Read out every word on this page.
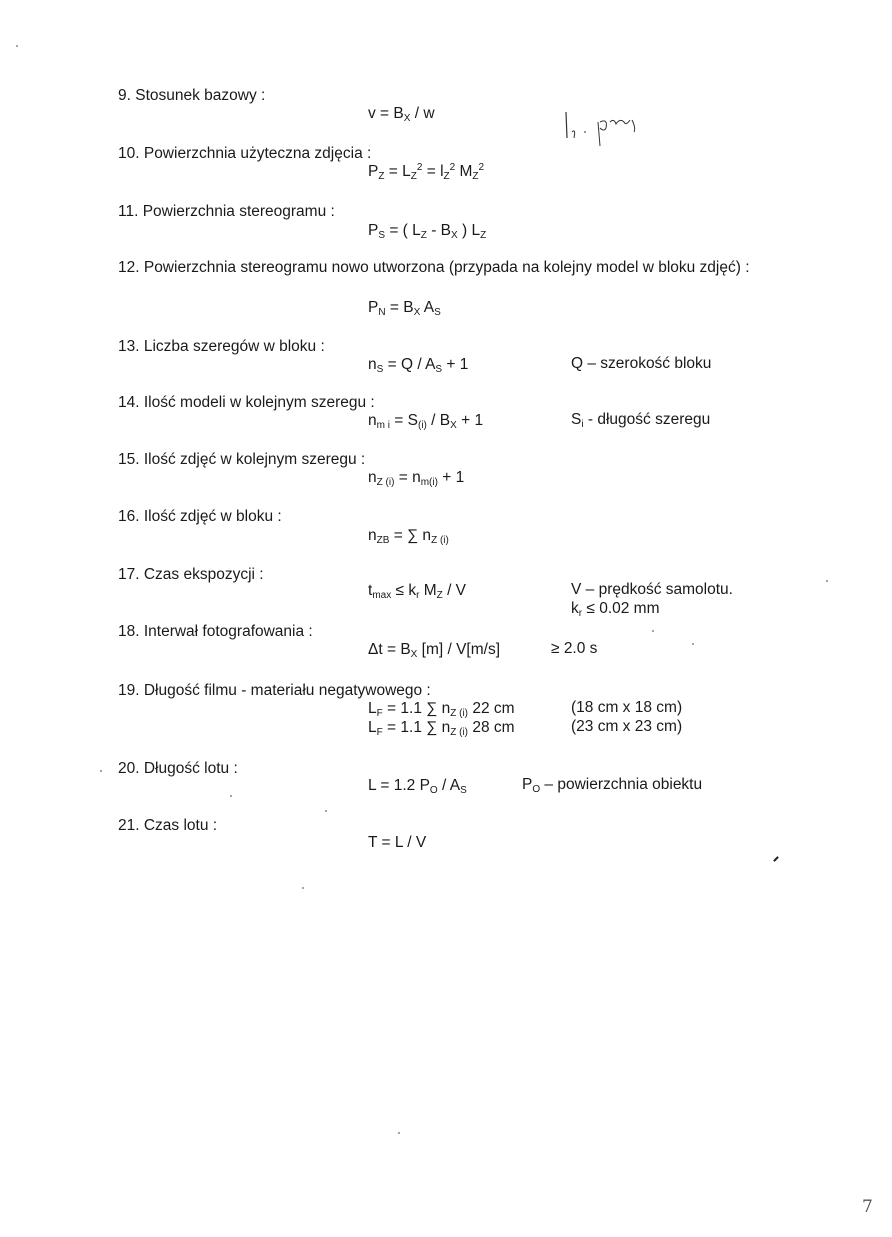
9. Stosunek bazowy :
$v = B_X / w$
10. Powierzchnia użyteczna zdjęcia :
$P_Z = L_Z^2 = l_Z^2$ $M_Z^2$
11. Powierzchnia stereogramu :
$P_S$ = ( $L_Z - B_X$ ) $L_Z$
12. Powierzchnia stereogramu nowo utworzona (przypada na kolejny model w bloku zdjęć) :
$P_N = B_X$ $A_S$
13. Liczba szeregów w bloku :
$n_S = Q / A_S + 1$	Q – szerokość bloku
14. Ilość modeli w kolejnym szeregu :
$n_{m i} = S_{(i)} / B_X + 1$	$S_i$ - długość szeregu
15. Ilość zdjęć w kolejnym szeregu :
$n_{Z (i)} = n_{m(i)} + 1$
16. Ilość zdjęć w bloku :
$n_{ZB}$ = ∑ $n_{Z (i)}$
17. Czas ekspozycji :
$t_{max} \le k_r$ $M_Z$ / V	V – prędkość samolotu.
$k_r \le 0.02$ mm
18. Interwał fotografowania :
$\Delta t = B_X$ [m] / V[m/s]	≥ 2.0 s
19. Długość filmu - materiału negatywowego :
$L_F = 1.1$ ∑ $n_{Z (i)}$ 22 cm	(18 cm x 18 cm)
$L_F = 1.1$ ∑ $n_{Z (i)}$ 28 cm	(23 cm x 23 cm)
20. Długość lotu :
L = 1.2 $P_O / A_S$	$P_O$ – powierzchnia obiektu
21. Czas lotu :
T = L / V
7
